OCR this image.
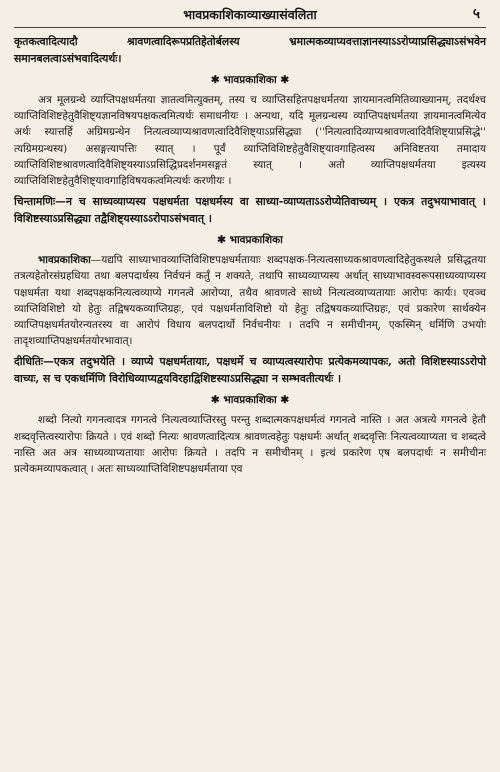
भावप्रकाशिकाव्याख्यासंवलिता	५

कृतकत्वादित्यादौ श्रावणत्वादिरूपप्रतिहेतोर्बलस्य भ्रमात्मकव्याप्यवत्ताज्ञानस्याऽऽरोप्याप्रसिद्ध्याऽसंभवेन समानबलत्वाऽसंभवादित्यर्थः।

✱ भावप्रकाशिका ✱

अत्र मूलग्रन्थे व्याप्तिपक्षधर्मतया ज्ञातत्वमित्युक्तम्, तस्य च व्याप्तिसहितपक्षधर्मतया ज्ञायमानत्वमितिव्याख्यानम्, तदर्थश्च व्याप्तिविशिष्टहेतुवैशिष्ट्यज्ञानविषयपक्षकत्वमित्यर्थः समाधनीयः । अन्यथा, यदि मूलग्रन्थस्य व्याप्तिपक्षधर्मतया ज्ञायमानत्वमित्येव अर्थः स्यात्तर्हि अग्रिमग्रन्थेन नित्यत्वव्याप्यश्रावणत्वादिवैशिष्ट्याऽप्रसिद्ध्या (''नित्यत्वादिव्याप्यश्रावणत्वादिवैशिष्ट्याप्रसिद्धे'' त्यग्रिमग्रन्थस्य) असङ्गत्यापत्तिः स्यात् । पूर्वं व्याप्तिविशिष्टहेतुवैशिष्ट्यावगाहित्वस्य अनिविष्टतया तमादाय व्याप्तिविशिष्टश्रावणत्वादिवैशिष्ट्यस्याऽप्रसिद्धिप्रदर्शनमसङ्गतं स्यात् । अतो व्याप्तिपक्षधर्मतया इत्यस्य व्याप्तिविशिष्टहेतुवैशिष्ट्यावगाहिविषयकत्वमित्यर्थः करणीयः ।

चिन्तामणिः—न च साध्यव्याप्यस्य पक्षधर्मता पक्षधर्मस्य वा साध्या-व्याप्यताऽऽरोप्येतिवाच्यम् । एकत्र तदुभयाभावात् । विशिष्टस्याऽप्रसिद्ध्या तद्वैशिष्ट्यस्याऽऽरोपाऽसंभवात् ।

✱ भावप्रकाशिका

भावप्रकाशिका—यद्यपि साध्याभावव्याप्तिविशिष्टपक्षधर्मतायाः शब्दपक्षक-नित्यत्वसाध्यकश्रावणत्वादिहेतुकस्थले प्रसिद्धतया तत्रत्यहेतोरसंग्रहधिया तथा बलपदार्थस्य निर्वचनं कर्तुं न शक्यते, तथापि साध्यव्याप्यस्य अर्थात् साध्याभावस्वरूपसाध्यव्याप्यस्य पक्षधर्मता यथा शब्दपक्षकनित्यत्वव्याप्ये गगनत्वे आरोप्या, तथैव श्रावणत्वे साध्ये नित्यत्वव्याप्यतायाः आरोपः कार्यः। एवञ्च व्याप्तिविशिष्टो यो हेतुः तद्विषयकव्याप्तिग्रहः, एवं पक्षधर्मताविशिष्टो यो हेतुः तद्विषयकव्याप्तिग्रहः, एवं प्रकारेण सार्थक्येन व्याप्तिपक्षधर्मतयोरन्यतरस्य वा आरोपं विधाय बलपदार्थो निर्वचनीयः । तदपि न समीचीनम्, एकस्मिन् धर्मिणि उभयोः तादृशव्याप्तिपक्षधर्मतयोरभावात्।

दीधितिः—एकत्र तदुभयेति । व्याप्ये पक्षधर्मतायाः, पक्षधर्मे च व्याप्यत्वस्यारोपः प्रत्येकमव्यापकः, अतो विशिष्टस्याऽऽरोपो वाच्यः, स च एकधर्मिणि विरोधिव्याप्यद्वयविरहाद्विशिष्टस्याऽप्रसिद्ध्या न सम्भवतीत्यर्थः ।

✱ भावप्रकाशिका ✱

शब्दो नित्यो गगनत्वादत्र गगनत्वे नित्यत्वव्याप्तिरस्तु परन्तु शब्दात्मकपक्षधर्मत्वं गगनत्वे नास्ति । अत अत्रत्ये गगनत्वे हेतौ शब्दवृत्तित्वस्यारोपः क्रियते । एवं शब्दो नित्यः श्रावणत्वादित्यत्र श्रावणत्वहेतुः पक्षधर्मः अर्थात् शब्दवृत्तिः नित्यत्वव्याप्यता च शब्दत्वे नास्ति अत अत्र साध्यव्याप्यतायाः आरोपः क्रियते । तदपि न समीचीनम् । इत्थं प्रकारेण एष बलपदार्थः न समीचीनः प्रत्येकमव्यापकत्वात् । अतः साध्यव्याप्तिविशिष्टपक्षधर्मताया एव
